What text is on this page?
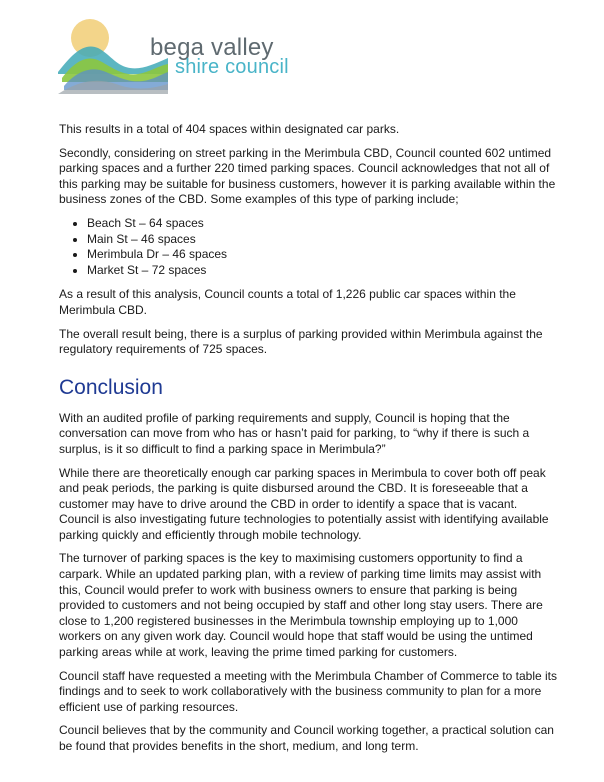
bega valley
shire council

This results in a total of 404 spaces within designated car parks.

Secondly, considering on street parking in the Merimbula CBD, Council counted 602 untimed parking spaces and a further 220 timed parking spaces. Council acknowledges that not all of this parking may be suitable for business customers, however it is parking available within the business zones of the CBD. Some examples of this type of parking include;

• Beach St – 64 spaces
• Main St – 46 spaces
• Merimbula Dr – 46 spaces
• Market St – 72 spaces

As a result of this analysis, Council counts a total of 1,226 public car spaces within the Merimbula CBD.

The overall result being, there is a surplus of parking provided within Merimbula against the regulatory requirements of 725 spaces.

Conclusion

With an audited profile of parking requirements and supply, Council is hoping that the conversation can move from who has or hasn’t paid for parking, to “why if there is such a surplus, is it so difficult to find a parking space in Merimbula?”

While there are theoretically enough car parking spaces in Merimbula to cover both off peak and peak periods, the parking is quite disbursed around the CBD. It is foreseeable that a customer may have to drive around the CBD in order to identify a space that is vacant. Council is also investigating future technologies to potentially assist with identifying available parking quickly and efficiently through mobile technology.

The turnover of parking spaces is the key to maximising customers opportunity to find a carpark. While an updated parking plan, with a review of parking time limits may assist with this, Council would prefer to work with business owners to ensure that parking is being provided to customers and not being occupied by staff and other long stay users. There are close to 1,200 registered businesses in the Merimbula township employing up to 1,000 workers on any given work day. Council would hope that staff would be using the untimed parking areas while at work, leaving the prime timed parking for customers.

Council staff have requested a meeting with the Merimbula Chamber of Commerce to table its findings and to seek to work collaboratively with the business community to plan for a more efficient use of parking resources.

Council believes that by the community and Council working together, a practical solution can be found that provides benefits in the short, medium, and long term.
